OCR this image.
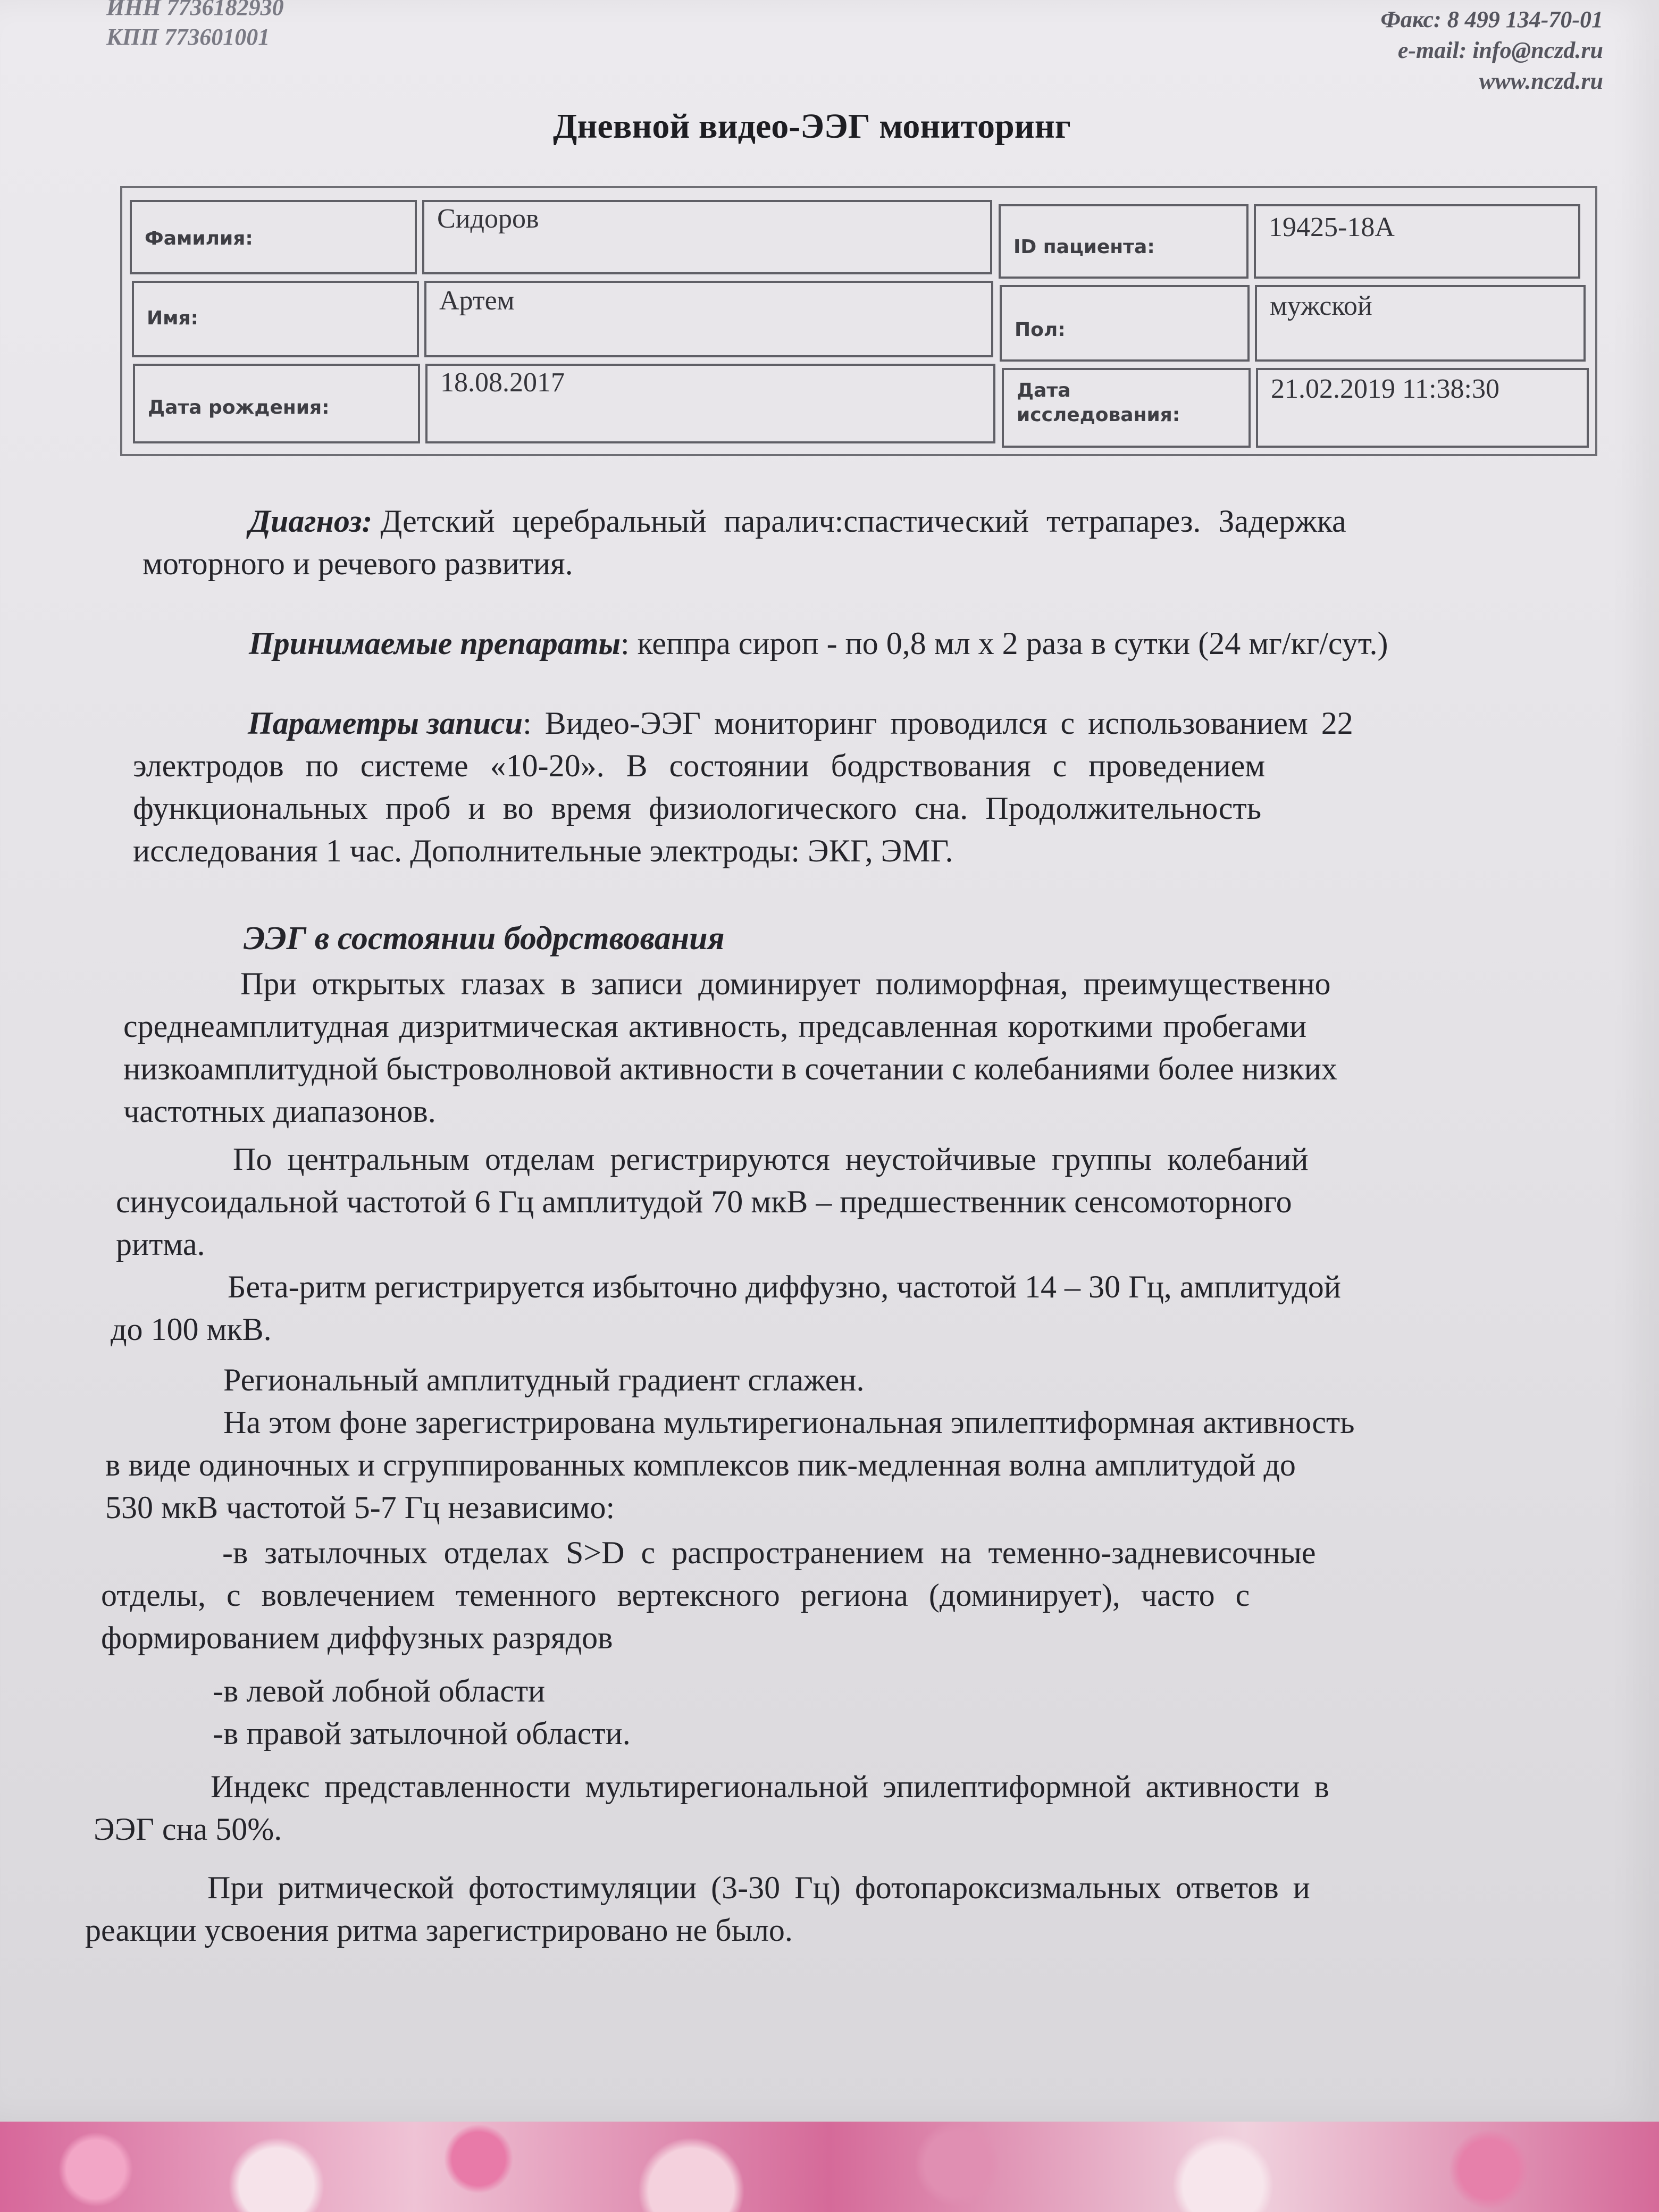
ИНН 7736182930
КПП 773601001
Факс: 8 499 134-70-01
e-mail: info@nczd.ru
www.nczd.ru
Дневной видео-ЭЭГ мониторинг
Фамилия:
Сидоров
ID пациента:
19425-18А
Имя:
Артем
Пол:
мужской
Дата рождения:
18.08.2017	Дата
исследования:
21.02.2019 11:38:30
Диагноз: Детский церебральный паралич:спастический тетрапарез. Задержка
моторного и речевого развития.
Принимаемые препараты: кеппра сироп - по 0,8 мл х 2 раза в сутки (24 мг/кг/сут.)
Параметры записи: Видео-ЭЭГ мониторинг проводился с использованием 22
электродов по системе «10-20». В состоянии бодрствования с проведением
функциональных проб и во время физиологического сна. Продолжительность
исследования 1 час. Дополнительные электроды: ЭКГ, ЭМГ.
ЭЭГ в состоянии бодрствования
При открытых глазах в записи доминирует полиморфная, преимущественно
среднеамплитудная дизритмическая активность, предсавленная короткими пробегами
низкоамплитудной быстроволновой активности в сочетании с колебаниями более низких
частотных диапазонов.
По центральным отделам регистрируются неустойчивые группы колебаний
синусоидальной частотой 6 Гц амплитудой 70 мкВ – предшественник сенсомоторного
ритма.
Бета-ритм регистрируется избыточно диффузно, частотой 14 – 30 Гц, амплитудой
до 100 мкВ.
Региональный амплитудный градиент сглажен.
На этом фоне зарегистрирована мультирегиональная эпилептиформная активность
в виде одиночных и сгруппированных комплексов пик-медленная волна амплитудой до
530 мкВ частотой 5-7 Гц независимо:
-в затылочных отделах S>D с распространением на теменно-задневисочные
отделы, с вовлечением теменного вертексного региона (доминирует), часто с
формированием диффузных разрядов
-в левой лобной области
-в правой затылочной области.
Индекс представленности мультирегиональной эпилептиформной активности в
ЭЭГ сна 50%.
При ритмической фотостимуляции (3-30 Гц) фотопароксизмальных ответов и
реакции усвоения ритма зарегистрировано не было.
